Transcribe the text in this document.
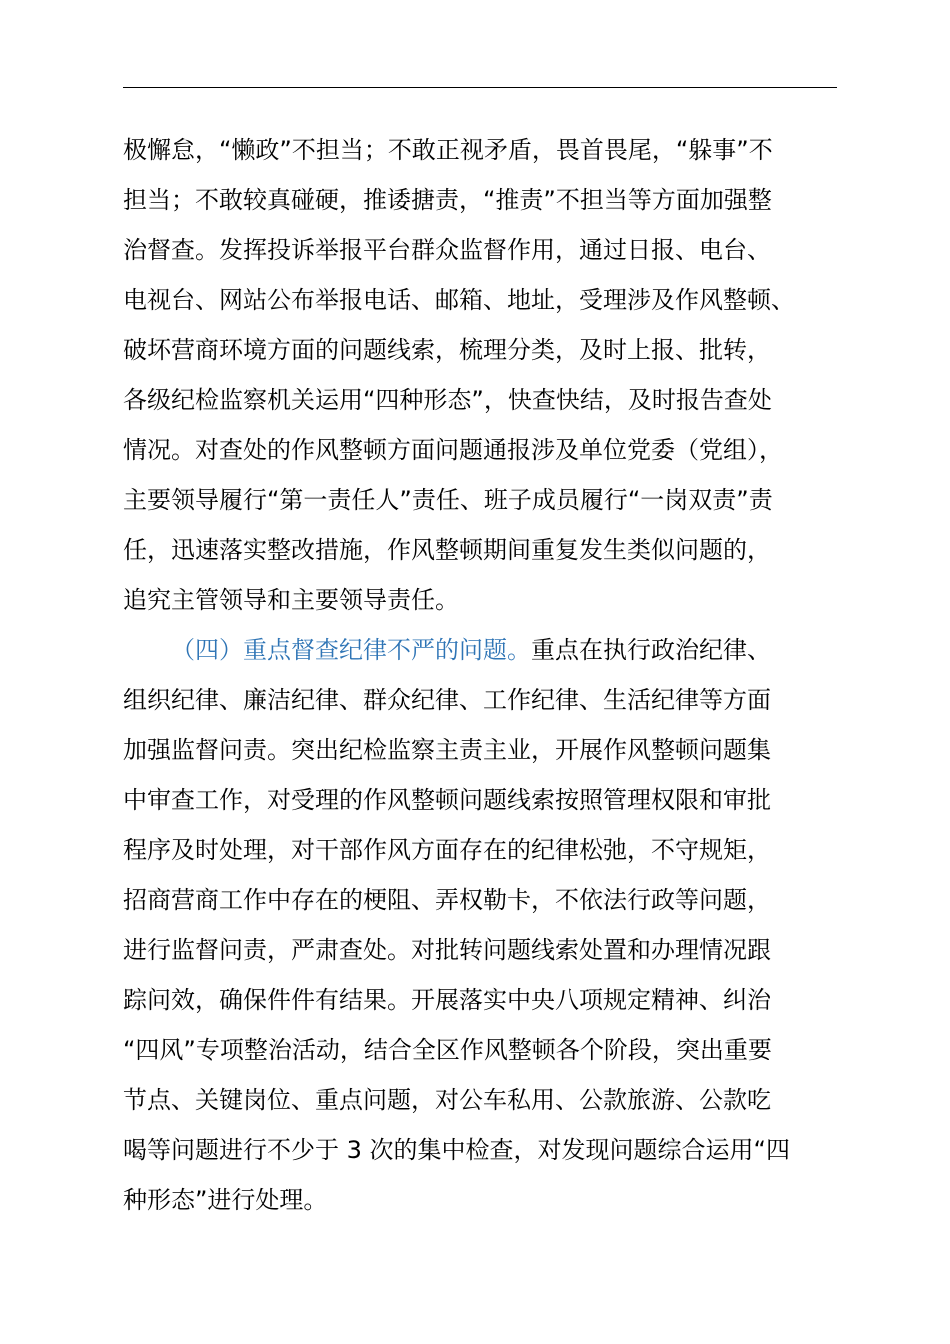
极懈怠，“懒政”不担当；不敢正视矛盾，畏首畏尾，“躲事”不
担当；不敢较真碰硬，推诿搪责，“推责”不担当等方面加强整
治督查。发挥投诉举报平台群众监督作用，通过日报、电台、
电视台、网站公布举报电话、邮箱、地址，受理涉及作风整顿、
破坏营商环境方面的问题线索，梳理分类，及时上报、批转，
各级纪检监察机关运用“四种形态”，快查快结，及时报告查处
情况。对查处的作风整顿方面问题通报涉及单位党委（党组），
主要领导履行“第一责任人”责任、班子成员履行“一岗双责”责
任，迅速落实整改措施，作风整顿期间重复发生类似问题的，
追究主管领导和主要领导责任。
（四）重点督查纪律不严的问题。重点在执行政治纪律、
组织纪律、廉洁纪律、群众纪律、工作纪律、生活纪律等方面
加强监督问责。突出纪检监察主责主业，开展作风整顿问题集
中审查工作，对受理的作风整顿问题线索按照管理权限和审批
程序及时处理，对干部作风方面存在的纪律松弛，不守规矩，
招商营商工作中存在的梗阻、弄权勒卡，不依法行政等问题，
进行监督问责，严肃查处。对批转问题线索处置和办理情况跟
踪问效，确保件件有结果。开展落实中央八项规定精神、纠治
“四风”专项整治活动，结合全区作风整顿各个阶段，突出重要
节点、关键岗位、重点问题，对公车私用、公款旅游、公款吃
喝等问题进行不少于 3 次的集中检查，对发现问题综合运用“四
种形态”进行处理。
